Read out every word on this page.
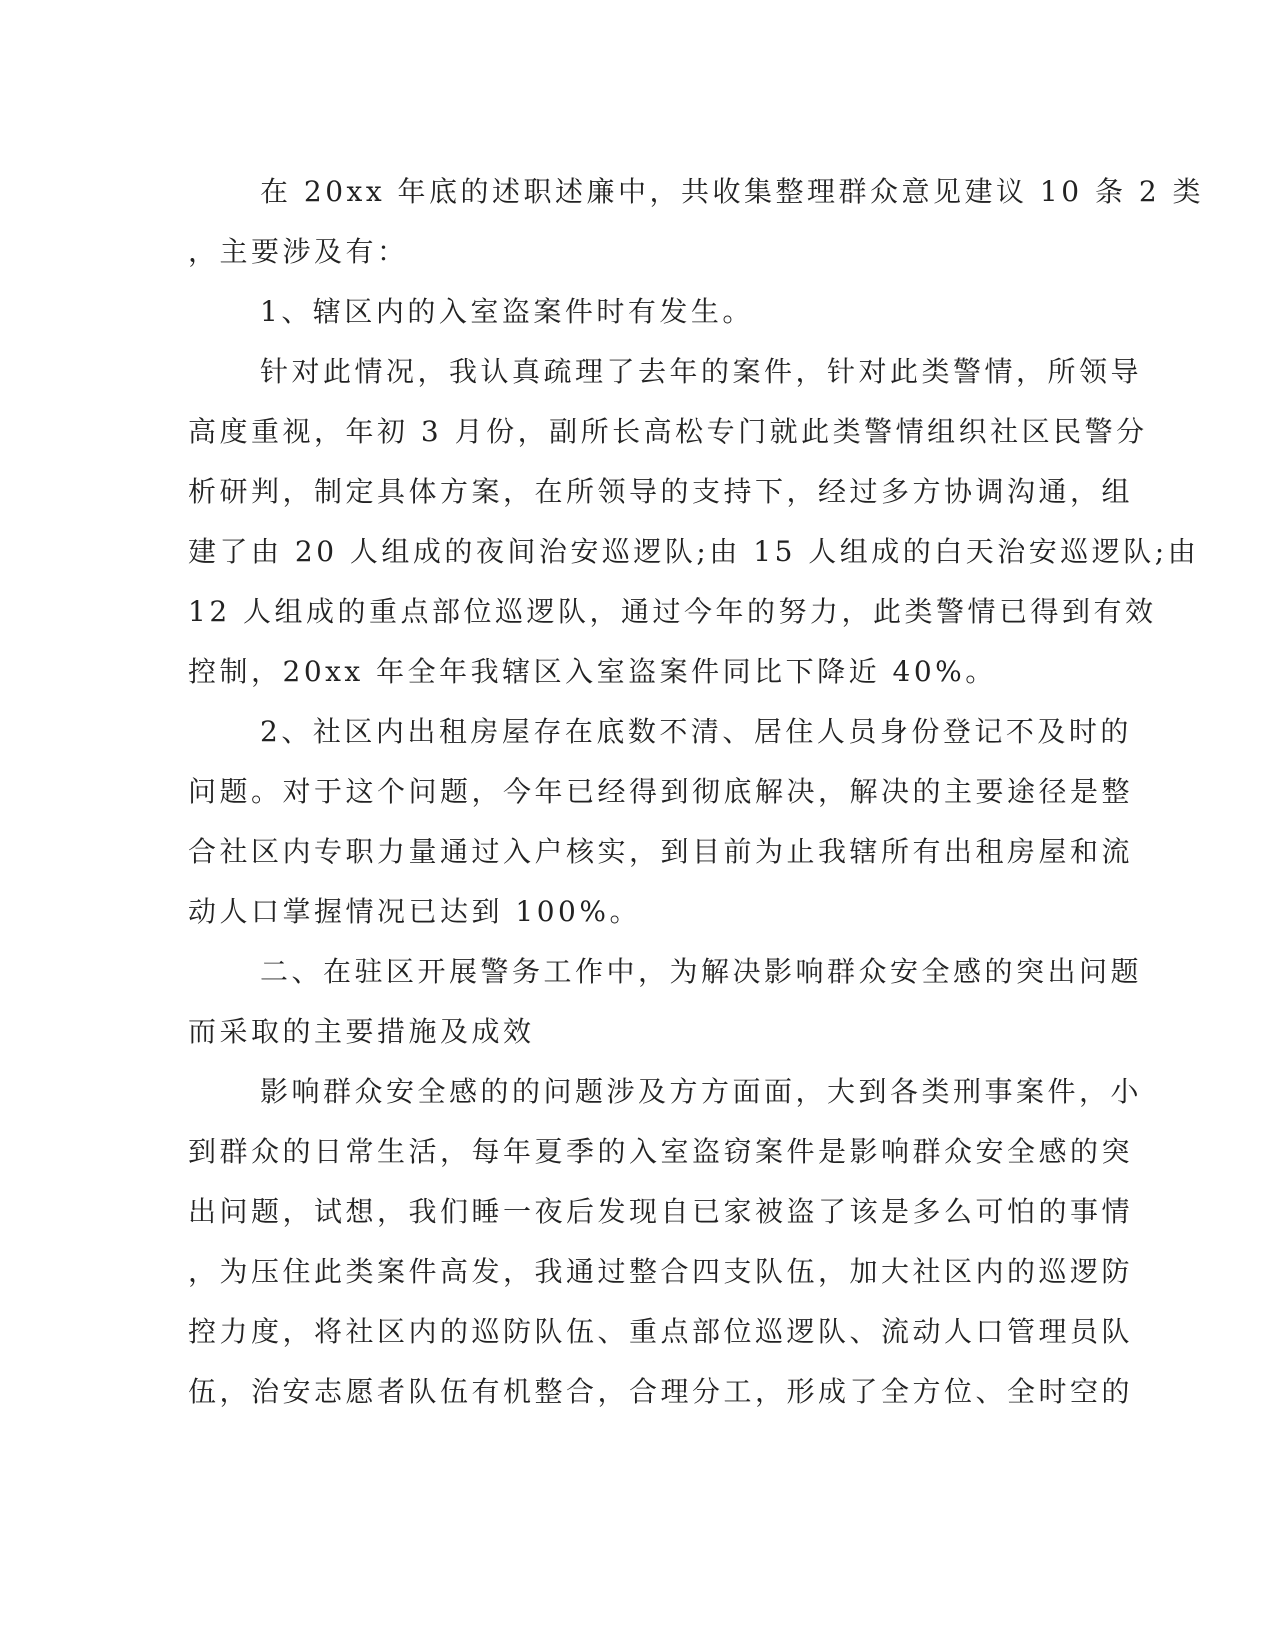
在 20xx 年底的述职述廉中，共收集整理群众意见建议 10 条 2 类
，主要涉及有：
1、辖区内的入室盗案件时有发生。
针对此情况，我认真疏理了去年的案件，针对此类警情，所领导
高度重视，年初 3 月份，副所长高松专门就此类警情组织社区民警分
析研判，制定具体方案，在所领导的支持下，经过多方协调沟通，组
建了由 20 人组成的夜间治安巡逻队;由 15 人组成的白天治安巡逻队;由
12 人组成的重点部位巡逻队，通过今年的努力，此类警情已得到有效
控制，20xx 年全年我辖区入室盗案件同比下降近 40%。
2、社区内出租房屋存在底数不清、居住人员身份登记不及时的
问题。对于这个问题，今年已经得到彻底解决，解决的主要途径是整
合社区内专职力量通过入户核实，到目前为止我辖所有出租房屋和流
动人口掌握情况已达到 100%。
二、在驻区开展警务工作中，为解决影响群众安全感的突出问题
而采取的主要措施及成效
影响群众安全感的的问题涉及方方面面，大到各类刑事案件，小
到群众的日常生活，每年夏季的入室盗窃案件是影响群众安全感的突
出问题，试想，我们睡一夜后发现自已家被盗了该是多么可怕的事情
，为压住此类案件高发，我通过整合四支队伍，加大社区内的巡逻防
控力度，将社区内的巡防队伍、重点部位巡逻队、流动人口管理员队
伍，治安志愿者队伍有机整合，合理分工，形成了全方位、全时空的
